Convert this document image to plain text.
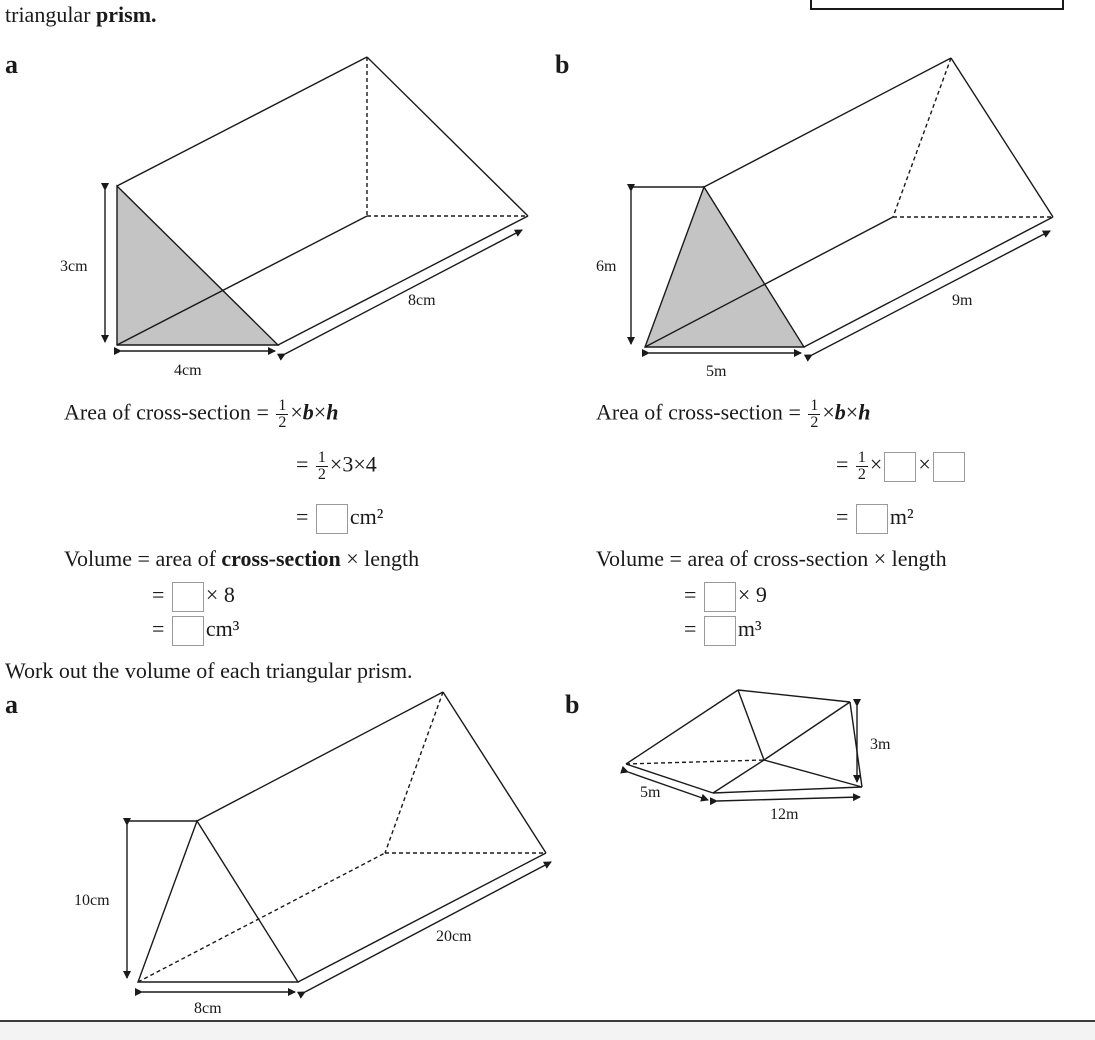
triangular prism.
a	b
3cm
4cm
8cm
6m
5m
9m
Area of cross-section = $\frac{1}{2} \times b\times h$
= $\frac{1}{2} \times 3\times 4$
= cm²
Volume = area of cross-section × length
= × 8
= cm³
Area of cross-section = $\frac{1}{2} \times b\times h$
= $\frac{1}{2}$ × ×
= m²
Volume = area of cross-section × length
= × 9
= m³
Work out the volume of each triangular prism.
a	b
10cm
8cm
20cm
3m
5m
12m
